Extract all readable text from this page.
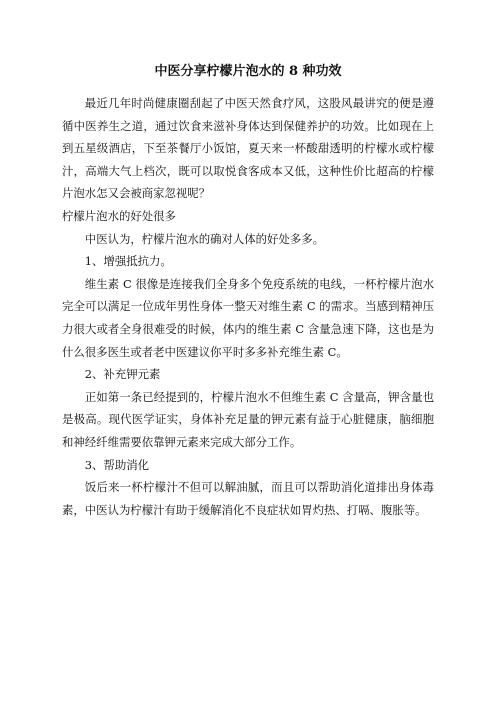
中医分享柠檬片泡水的 8 种功效

最近几年时尚健康圈刮起了中医天然食疗风，这股风最讲究的便是遵循中医养生之道，通过饮食来滋补身体达到保健养护的功效。比如现在上到五星级酒店，下至茶餐厅小饭馆，夏天来一杯酸甜透明的柠檬水或柠檬汁，高端大气上档次，既可以取悦食客成本又低，这种性价比超高的柠檬片泡水怎又会被商家忽视呢？

柠檬片泡水的好处很多

中医认为，柠檬片泡水的确对人体的好处多多。

1、增强抵抗力。

维生素 C 很像是连接我们全身多个免疫系统的电线，一杯柠檬片泡水完全可以满足一位成年男性身体一整天对维生素 C 的需求。当感到精神压力很大或者全身很难受的时候，体内的维生素 C 含量急速下降，这也是为什么很多医生或者老中医建议你平时多多补充维生素 C。

2、补充钾元素

正如第一条已经提到的，柠檬片泡水不但维生素 C 含量高，钾含量也是极高。现代医学证实，身体补充足量的钾元素有益于心脏健康，脑细胞和神经纤维需要依靠钾元素来完成大部分工作。

3、帮助消化

饭后来一杯柠檬汁不但可以解油腻，而且可以帮助消化道排出身体毒素，中医认为柠檬汁有助于缓解消化不良症状如胃灼热、打嗝、腹胀等。
